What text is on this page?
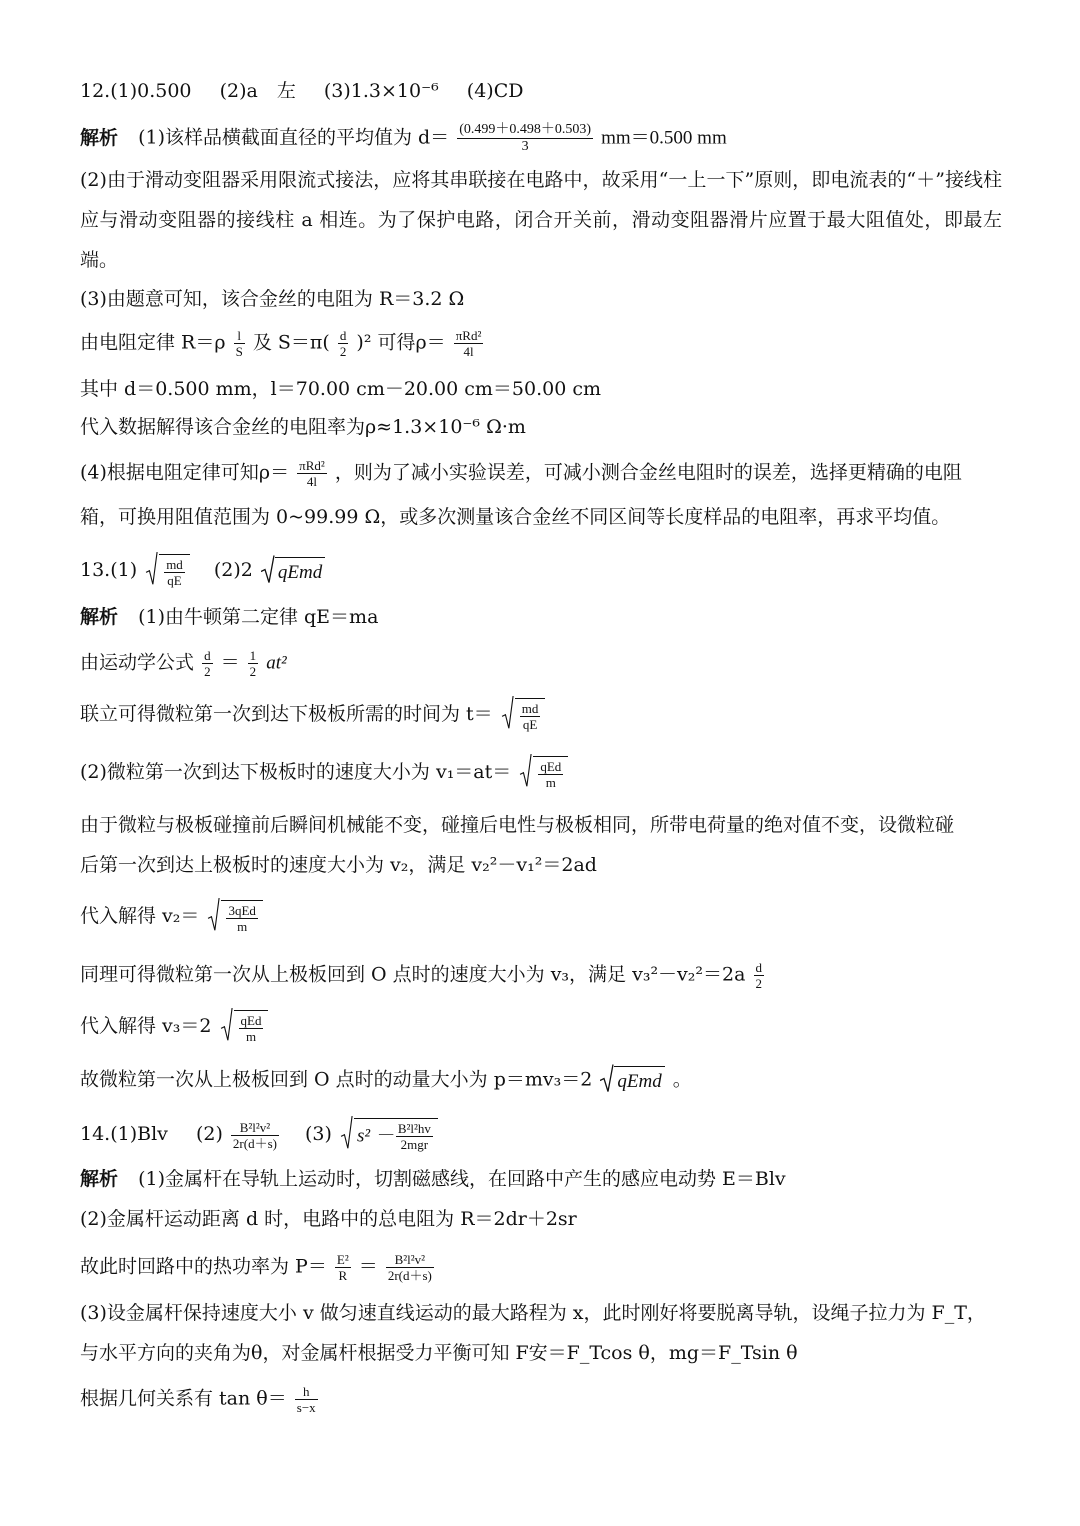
12.(1)0.500 (2)a　左 (3)1.3×10⁻⁶ (4)CD
解析 (1)该样品横截面直径的平均值为 $d= \frac{(0.499+0.498+0.503)}{3} mm=0.500$ mm
(2)由于滑动变阻器采用限流式接法，应将其串联接在电路中，故采用“一上一下”原则，即电流表的“＋”接线柱应与滑动变阻器的接线柱 a 相连。为了保护电路，闭合开关前，滑动变阻器滑片应置于最大阻值处，即最左端。
(3)由题意可知，该合金丝的电阻为 R＝3.2 Ω
由电阻定律 $R=\rho \frac{l}{S}$ 及 $S=\pi( \frac{d}{2} )^2$ 可得$\rho= \frac{\text{πRd²}}{4l}$
其中 d＝0.500 mm，l＝70.00 cm－20.00 cm＝50.00 cm
代入数据解得该合金丝的电阻率为ρ≈1.3×10⁻⁶ Ω·m
(4)根据电阻定律可知$\rho= \frac{\text{πRd²}}{4l}$ ，则为了减小实验误差，可减小测合金丝电阻时的误差，选择更精确的电阻
箱，可换用阻值范围为 0~99.99 Ω，或多次测量该合金丝不同区间等长度样品的电阻率，再求平均值。
$13.(1) \frac{md}{qE} (2)2$ qEmd
解析 (1)由牛顿第二定律 qE＝ma
由运动学公式 $\frac{d}{2} = \frac{1}{2} at^2$
联立可得微粒第一次到达下极板所需的时间为 $t= \frac{md}{qE}$
(2)微粒第一次到达下极板时的速度大小为 $v_1=at= \frac{\text{qEd}}{m}$
由于微粒与极板碰撞前后瞬间机械能不变，碰撞后电性与极板相同，所带电荷量的绝对值不变，设微粒碰
后第一次到达上极板时的速度大小为 v₂，满足 v₂²－v₁²＝2ad
代入解得 $v_2= \frac{\text{3qEd}}{m}$
同理可得微粒第一次从上极板回到 O 点时的速度大小为 v₃，满足 $v_3^2-v_2^2=2a \frac{d}{2}$
代入解得 $v_3=2 \frac{\text{qEd}}{m}$
故微粒第一次从上极板回到 O 点时的动量大小为 p＝mv₃＝2 qEmd 。
14.(1)Blv $(2) \frac{\text{B²l²v²}}{2r(d+s)} (3) s^2 - \frac{\text{B²l²hv}}{\text{2mgr}}$
解析 (1)金属杆在导轨上运动时，切割磁感线，在回路中产生的感应电动势 E＝Blv
(2)金属杆运动距离 d 时，电路中的总电阻为 R＝2dr＋2sr
故此时回路中的热功率为 $P= \frac{\text{E²}}{R} = \frac{\text{B²l²v²}}{2r(d+s)}$
(3)设金属杆保持速度大小 v 做匀速直线运动的最大路程为 x，此时刚好将要脱离导轨，设绳子拉力为 F_T，
与水平方向的夹角为θ，对金属杆根据受力平衡可知 F安＝F_Tcos θ，mg＝F_Tsin θ
根据几何关系有 $\tan \theta= \frac{h}{s-x}$
